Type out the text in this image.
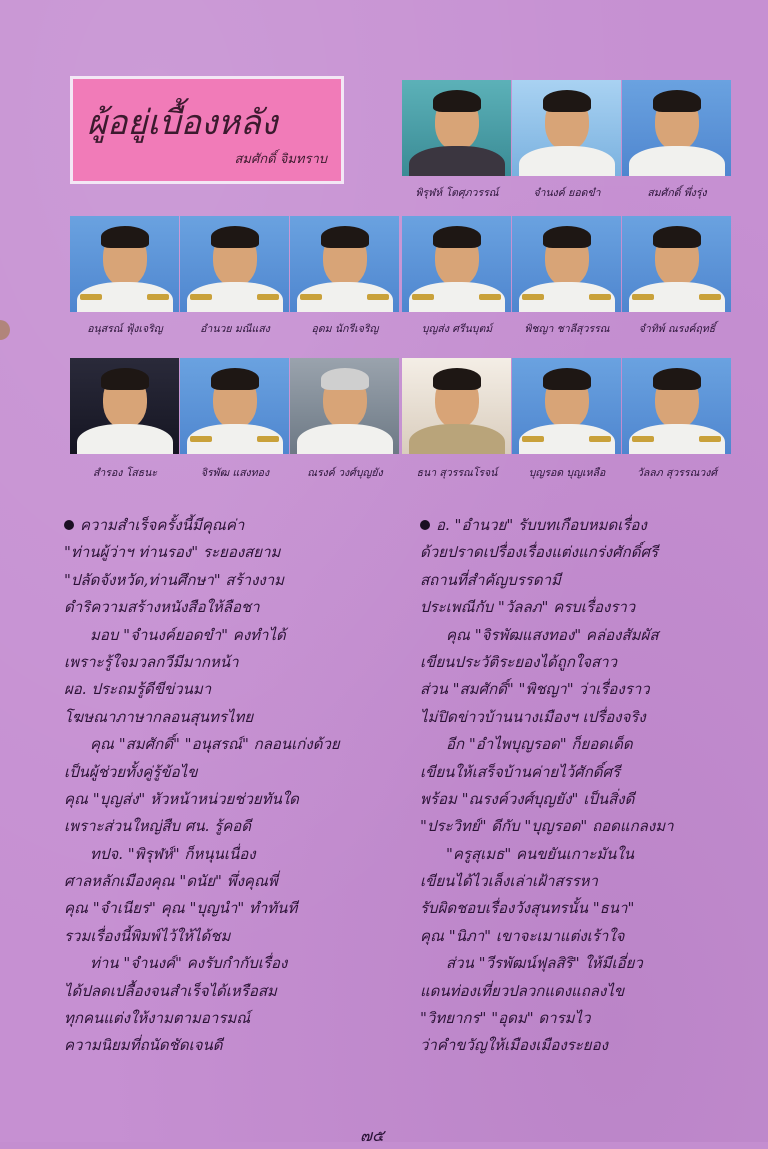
ผู้อยู่เบื้องหลัง
สมศักดิ์ จิมทราบ
พิรุฬห์ โตศุภวรรณ์	จำนงค์ ยอดขำ	สมศักดิ์ พึ่งรุ่ง
อนุสรณ์ ฟุ้งเจริญ	อำนวย มณีแสง	อุดม นักรีเจริญ	บุญส่ง ศรีนบุตม์	พิชญา ชาลีสุวรรณ	จำทิพ์ ณรงค์ฤทธิ์
สำรอง โสธนะ	จิรพัฒ แสงทอง	ณรงค์ วงศ์บุญยัง	ธนา สุวรรณโรจน์	บุญรอด บุญเหลือ	วัลลภ สุวรรณวงศ์
ความสำเร็จครั้งนี้มีคุณค่า
"ท่านผู้ว่าฯ ท่านรอง" ระยองสยาม
"ปลัดจังหวัด,ท่านศึกษา" สร้างงาม
ดำริความสร้างหนังสือให้ลือชา
มอบ "จำนงค์ยอดขำ" คงทำได้
เพราะรู้ใจมวลกวีมีมากหน้า
ผอ. ประถมรู้ดีขีข่วนมา
โฆษณาภาษากลอนสุนทรไทย
คุณ "สมศักดิ์" "อนุสรณ์" กลอนเก่งด้วย
เป็นผู้ช่วยทั้งคู่รู้ข้อไข
คุณ "บุญส่ง" หัวหน้าหน่วยช่วยทันใด
เพราะส่วนใหญ่สืบ ศน. รู้คอดี
ทปจ. "พิรุฬห์" ก็หนุนเนื่อง
ศาลหลักเมืองคุณ "ดนัย" พึ่งคุณพี่
คุณ "จำเนียร" คุณ "บุญนำ" ทำทันที
รวมเรื่องนี้พิมพ์ไว้ให้ได้ชม
ท่าน "จำนงค์" คงรับกำกับเรื่อง
ได้ปลดเปลื้องจนสำเร็จได้เหรือสม
ทุกคนแต่งให้งามตามอารมณ์
ความนิยมที่ถนัดชัดเจนดี
อ. "อำนวย" รับบทเกือบหมดเรื่อง
ด้วยปราดเปรื่องเรื่องแต่งแกร่งศักดิ์ศรี
สถานที่สำคัญบรรดามี
ประเพณีกับ "วัลลภ" ครบเรื่องราว
คุณ "จิรพัฒแสงทอง" คล่องสัมผัส
เขียนประวัติระยองได้ถูกใจสาว
ส่วน "สมศักดิ์" "พิชญา" ว่าเรื่องราว
ไม่ปิดข่าวบ้านนางเมืองฯ เปรื่องจริง
อีก "อำไพบุญรอด" ก็ยอดเด็ด
เขียนให้เสร็จบ้านค่ายไว้ศักดิ์ศรี
พร้อม "ณรงค์วงศ์บุญยัง" เป็นสิ่งดี
"ประวิทย์" ดีกับ "บุญรอด" ถอดแกลงมา
"ครูสุเมธ" คนขยันเกาะมันใน
เขียนได้ไวเล็งเล่าเฝ้าสรรหา
รับผิดชอบเรื่องวังสุนทรนั้น "ธนา"
คุณ "นิภา" เขาจะเมาแต่งเร้าใจ
ส่วน "วีรพัฒน์ฟุลสิริ" ให้มีเอี่ยว
แดนท่องเที่ยวปลวกแดงแถลงไข
"วิทยากร" "อุดม" ดารมไว
ว่าคำขวัญให้เมืองเมืองระยอง
๗๕
